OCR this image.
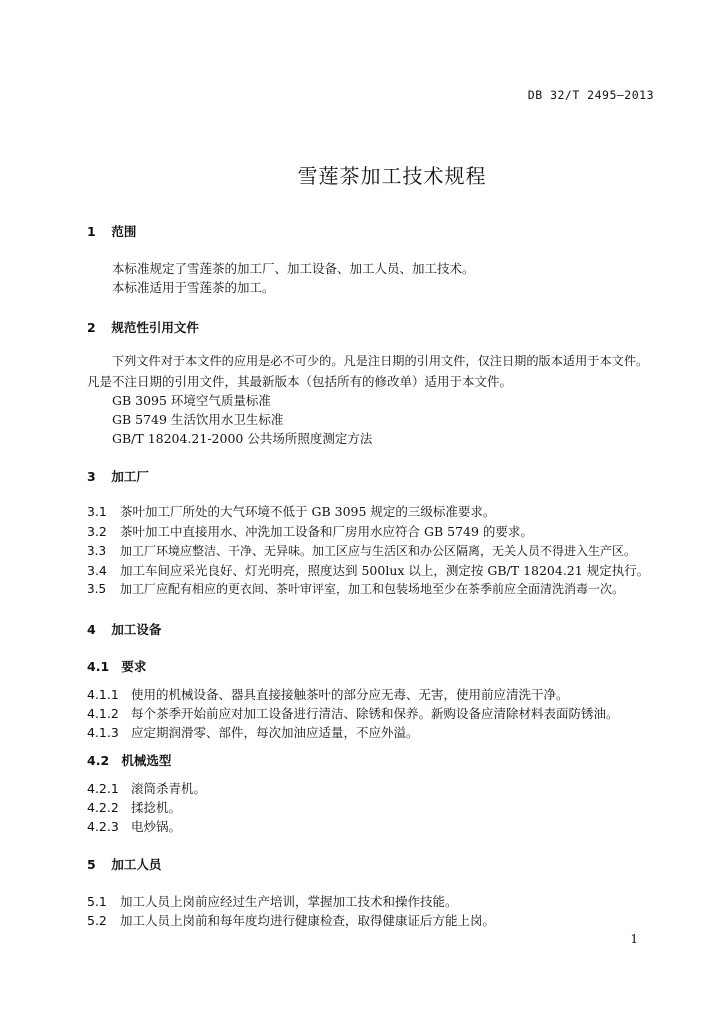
DB 32/T 2495—2013
雪莲茶加工技术规程
1 范围
本标准规定了雪莲茶的加工厂、加工设备、加工人员、加工技术。
本标准适用于雪莲茶的加工。
2 规范性引用文件
下列文件对于本文件的应用是必不可少的。凡是注日期的引用文件，仅注日期的版本适用于本文件。
凡是不注日期的引用文件，其最新版本（包括所有的修改单）适用于本文件。
GB 3095 环境空气质量标准
GB 5749 生活饮用水卫生标准
GB/T 18204.21-2000 公共场所照度测定方法
3 加工厂
3.1 茶叶加工厂所处的大气环境不低于 GB 3095 规定的三级标准要求。
3.2 茶叶加工中直接用水、冲洗加工设备和厂房用水应符合 GB 5749 的要求。
3.3 加工厂环境应整洁、干净、无异味。加工区应与生活区和办公区隔离，无关人员不得进入生产区。
3.4 加工车间应采光良好、灯光明亮，照度达到 500lux 以上，测定按 GB/T 18204.21 规定执行。
3.5 加工厂应配有相应的更衣间、茶叶审评室，加工和包装场地至少在茶季前应全面清洗消毒一次。
4 加工设备
4.1 要求
4.1.1 使用的机械设备、器具直接接触茶叶的部分应无毒、无害，使用前应清洗干净。
4.1.2 每个茶季开始前应对加工设备进行清洁、除锈和保养。新购设备应清除材料表面防锈油。
4.1.3 应定期润滑零、部件，每次加油应适量，不应外溢。
4.2 机械选型
4.2.1 滚筒杀青机。
4.2.2 揉捻机。
4.2.3 电炒锅。
5 加工人员
5.1 加工人员上岗前应经过生产培训，掌握加工技术和操作技能。
5.2 加工人员上岗前和每年度均进行健康检查，取得健康证后方能上岗。
1
